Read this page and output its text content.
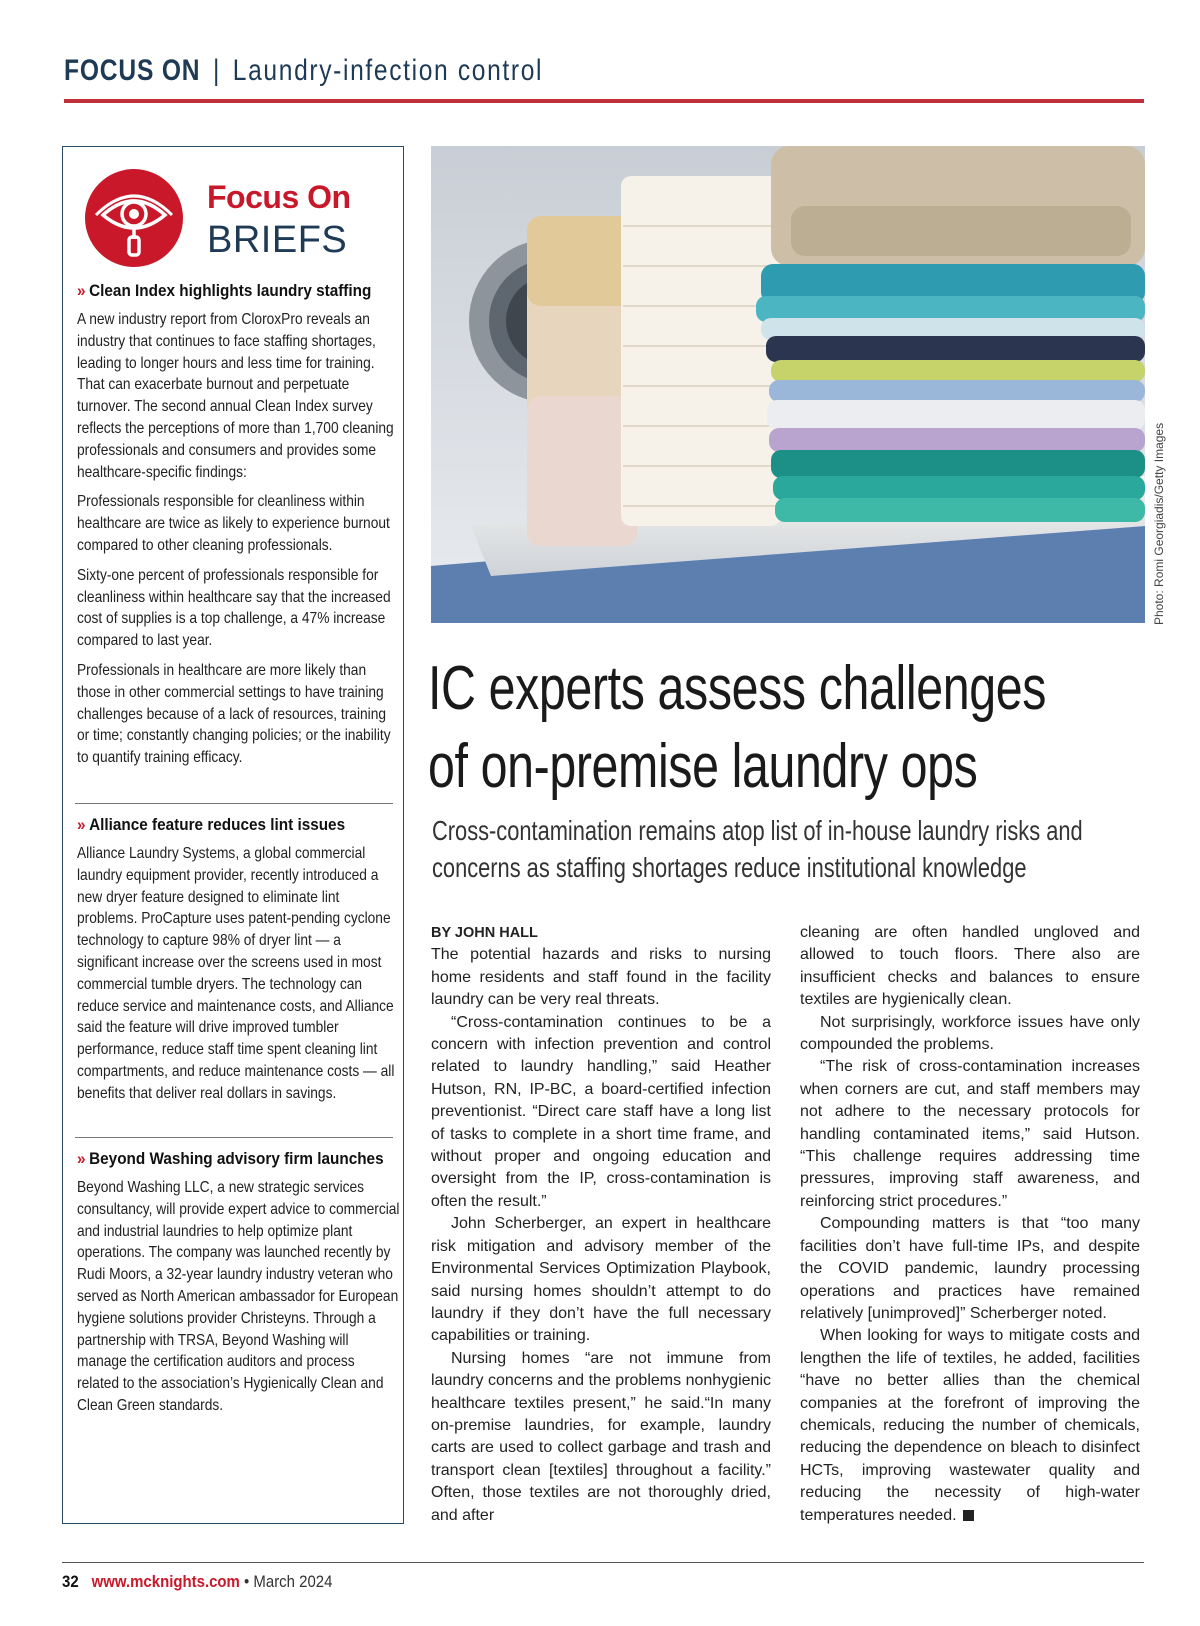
FOCUS ON | Laundry-infection control
Focus On
BRIEFS
» Clean Index highlights laundry staffing

A new industry report from CloroxPro reveals an industry that continues to face staffing shortages, leading to longer hours and less time for training. That can exacerbate burnout and perpetuate turnover. The second annual Clean Index survey reflects the perceptions of more than 1,700 cleaning professionals and consumers and provides some healthcare-specific findings:

Professionals responsible for cleanliness within healthcare are twice as likely to experience burnout compared to other cleaning professionals.

Sixty-one percent of professionals responsible for cleanliness within healthcare say that the increased cost of supplies is a top challenge, a 47% increase compared to last year.

Professionals in healthcare are more likely than those in other commercial settings to have training challenges because of a lack of resources, training or time; constantly changing policies; or the inability to quantify training efficacy.

» Alliance feature reduces lint issues

Alliance Laundry Systems, a global commercial laundry equipment provider, recently introduced a new dryer feature designed to eliminate lint problems. ProCapture uses patent-pending cyclone technology to capture 98% of dryer lint — a significant increase over the screens used in most commercial tumble dryers. The technology can reduce service and maintenance costs, and Alliance said the feature will drive improved tumbler performance, reduce staff time spent cleaning lint compartments, and reduce maintenance costs — all benefits that deliver real dollars in savings.

» Beyond Washing advisory firm launches

Beyond Washing LLC, a new strategic services consultancy, will provide expert advice to commercial and industrial laundries to help optimize plant operations. The company was launched recently by Rudi Moors, a 32-year laundry industry veteran who served as North American ambassador for European hygiene solutions provider Christeyns. Through a partnership with TRSA, Beyond Washing will manage the certification auditors and process related to the association’s Hygienically Clean and Clean Green standards.

Photo: Romi Georgiadis/Getty Images
IC experts assess challenges
of on-premise laundry ops
Cross-contamination remains atop list of in-house laundry risks and
concerns as staffing shortages reduce institutional knowledge
BY JOHN HALL

The potential hazards and risks to nursing home residents and staff found in the facility laundry can be very real threats.

“Cross-contamination continues to be a concern with infection prevention and control related to laundry handling,” said Heather Hutson, RN, IP-BC, a board-certified infection preventionist. “Direct care staff have a long list of tasks to complete in a short time frame, and without proper and ongoing education and oversight from the IP, cross-contamination is often the result.”

John Scherberger, an expert in healthcare risk mitigation and advisory member of the Environmental Services Optimization Playbook, said nursing homes shouldn’t attempt to do laundry if they don’t have the full necessary capabilities or training.

Nursing homes “are not immune from laundry concerns and the problems nonhygienic healthcare textiles present,” he said.“In many on-premise laundries, for example, laundry carts are used to collect garbage and trash and transport clean [textiles] throughout a facility.” Often, those textiles are not thoroughly dried, and after

cleaning are often handled ungloved and allowed to touch floors. There also are insufficient checks and balances to ensure textiles are hygienically clean.

Not surprisingly, workforce issues have only compounded the problems.

“The risk of cross-contamination increases when corners are cut, and staff members may not adhere to the necessary protocols for handling contaminated items,” said Hutson. “This challenge requires addressing time pressures, improving staff awareness, and reinforcing strict procedures.”

Compounding matters is that “too many facilities don’t have full-time IPs, and despite the COVID pandemic, laundry processing operations and practices have remained relatively [unimproved]” Scherberger noted.

When looking for ways to mitigate costs and lengthen the life of textiles, he added, facilities “have no better allies than the chemical companies at the forefront of improving the chemicals, reducing the number of chemicals, reducing the dependence on bleach to disinfect HCTs, improving wastewater quality and reducing the necessity of high-water temperatures needed.

32 www.mcknights.com • March 2024
